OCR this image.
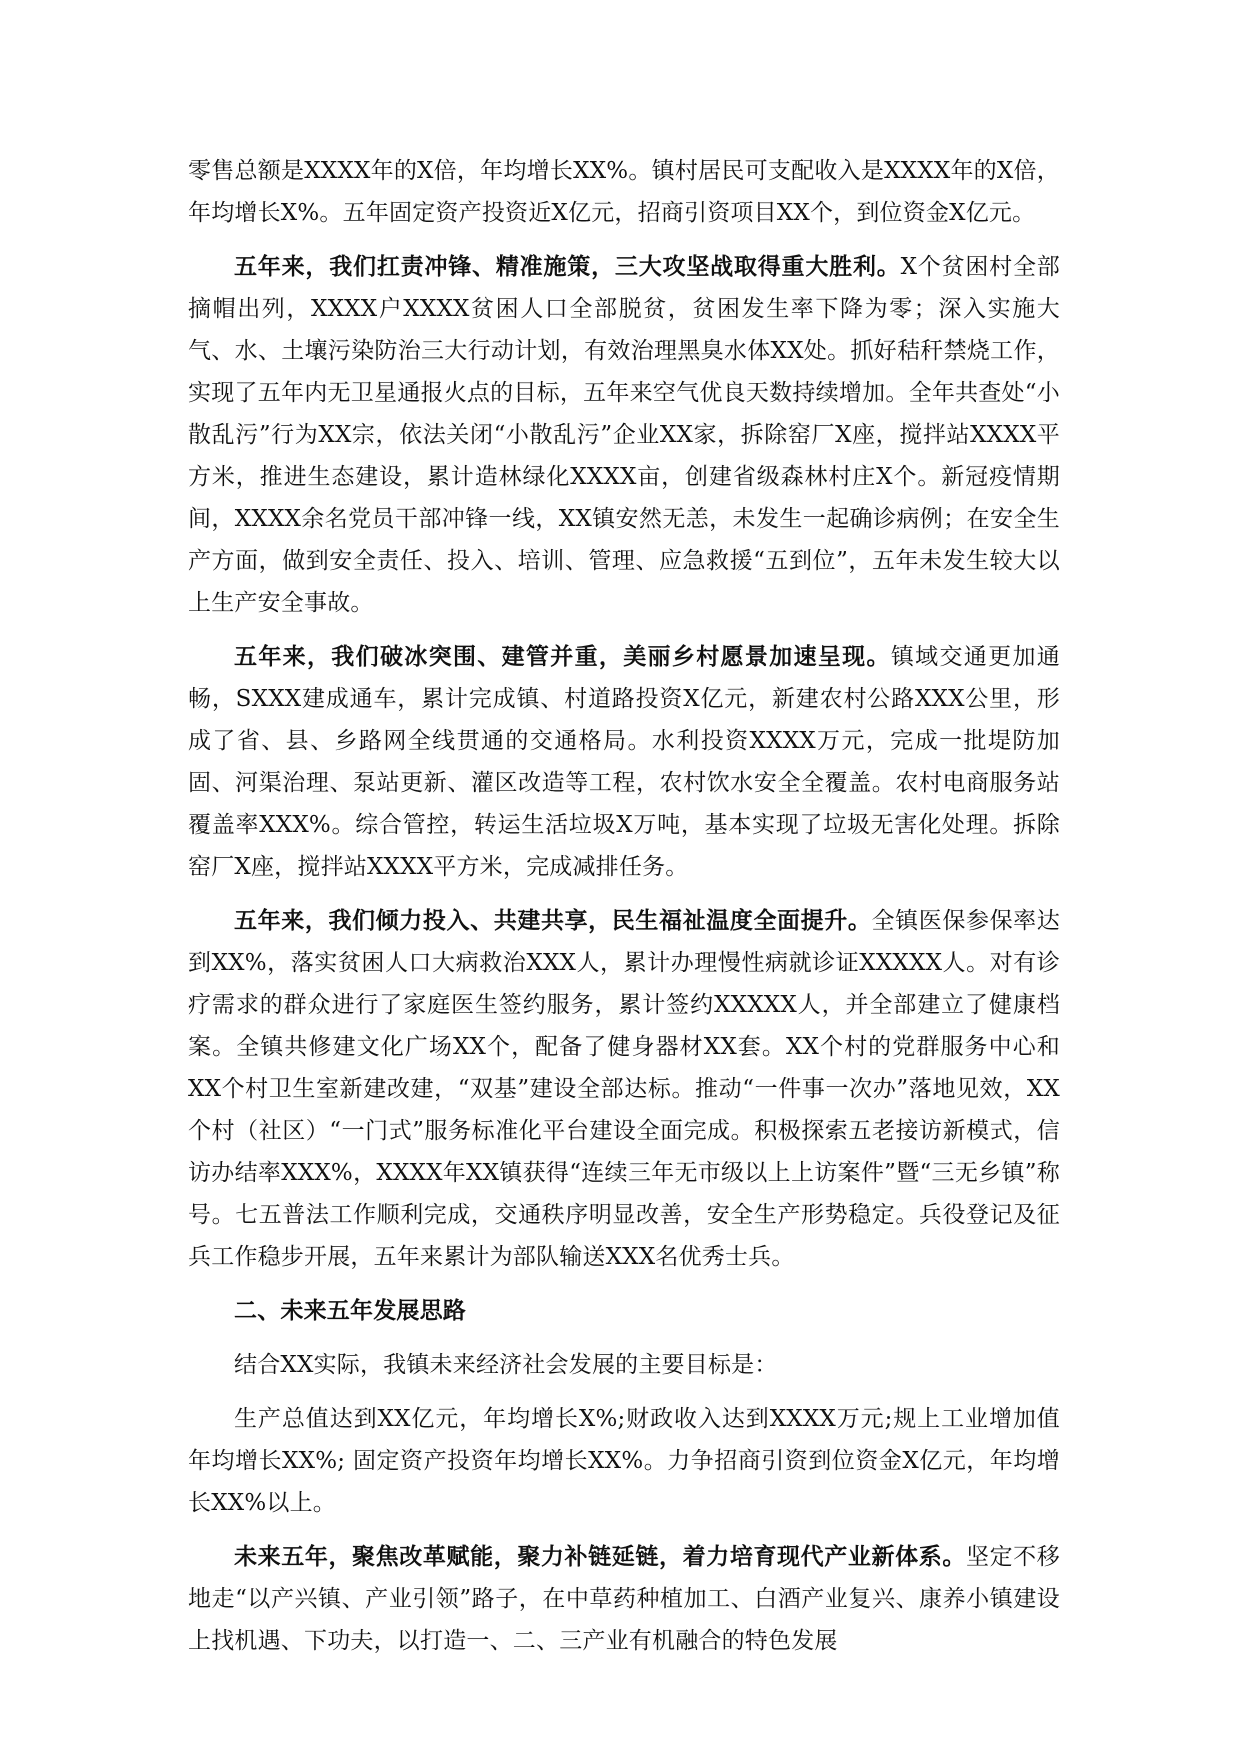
零售总额是XXXX年的X倍，年均增长XX%。镇村居民可支配收入是XXXX年的X倍，年均增长X%。五年固定资产投资近X亿元，招商引资项目XX个，到位资金X亿元。

五年来，我们扛责冲锋、精准施策，三大攻坚战取得重大胜利。X个贫困村全部摘帽出列，XXXX户XXXX贫困人口全部脱贫，贫困发生率下降为零；深入实施大气、水、土壤污染防治三大行动计划，有效治理黑臭水体XX处。抓好秸秆禁烧工作，实现了五年内无卫星通报火点的目标，五年来空气优良天数持续增加。全年共查处“小散乱污”行为XX宗，依法关闭“小散乱污”企业XX家，拆除窑厂X座，搅拌站XXXX平方米，推进生态建设，累计造林绿化XXXX亩，创建省级森林村庄X个。新冠疫情期间，XXXX余名党员干部冲锋一线，XX镇安然无恙，未发生一起确诊病例；在安全生产方面，做到安全责任、投入、培训、管理、应急救援“五到位”，五年未发生较大以上生产安全事故。

五年来，我们破冰突围、建管并重，美丽乡村愿景加速呈现。镇域交通更加通畅，SXXX建成通车，累计完成镇、村道路投资X亿元，新建农村公路XXX公里，形成了省、县、乡路网全线贯通的交通格局。水利投资XXXX万元，完成一批堤防加固、河渠治理、泵站更新、灌区改造等工程，农村饮水安全全覆盖。农村电商服务站覆盖率XXX%。综合管控，转运生活垃圾X万吨，基本实现了垃圾无害化处理。拆除窑厂X座，搅拌站XXXX平方米，完成减排任务。

五年来，我们倾力投入、共建共享，民生福祉温度全面提升。全镇医保参保率达到XX%，落实贫困人口大病救治XXX人，累计办理慢性病就诊证XXXXX人。对有诊疗需求的群众进行了家庭医生签约服务，累计签约XXXXX人，并全部建立了健康档案。全镇共修建文化广场XX个，配备了健身器材XX套。XX个村的党群服务中心和XX个村卫生室新建改建，“双基”建设全部达标。推动“一件事一次办”落地见效，XX个村（社区）“一门式”服务标准化平台建设全面完成。积极探索五老接访新模式，信访办结率XXX%，XXXX年XX镇获得“连续三年无市级以上上访案件”暨“三无乡镇”称号。七五普法工作顺利完成，交通秩序明显改善，安全生产形势稳定。兵役登记及征兵工作稳步开展，五年来累计为部队输送XXX名优秀士兵。

二、未来五年发展思路

结合XX实际，我镇未来经济社会发展的主要目标是：

生产总值达到XX亿元，年均增长X%;财政收入达到XXXX万元;规上工业增加值年均增长XX%; 固定资产投资年均增长XX%。力争招商引资到位资金X亿元，年均增长XX%以上。

未来五年，聚焦改革赋能，聚力补链延链，着力培育现代产业新体系。坚定不移地走“以产兴镇、产业引领”路子，在中草药种植加工、白酒产业复兴、康养小镇建设上找机遇、下功夫，以打造一、二、三产业有机融合的特色发展
